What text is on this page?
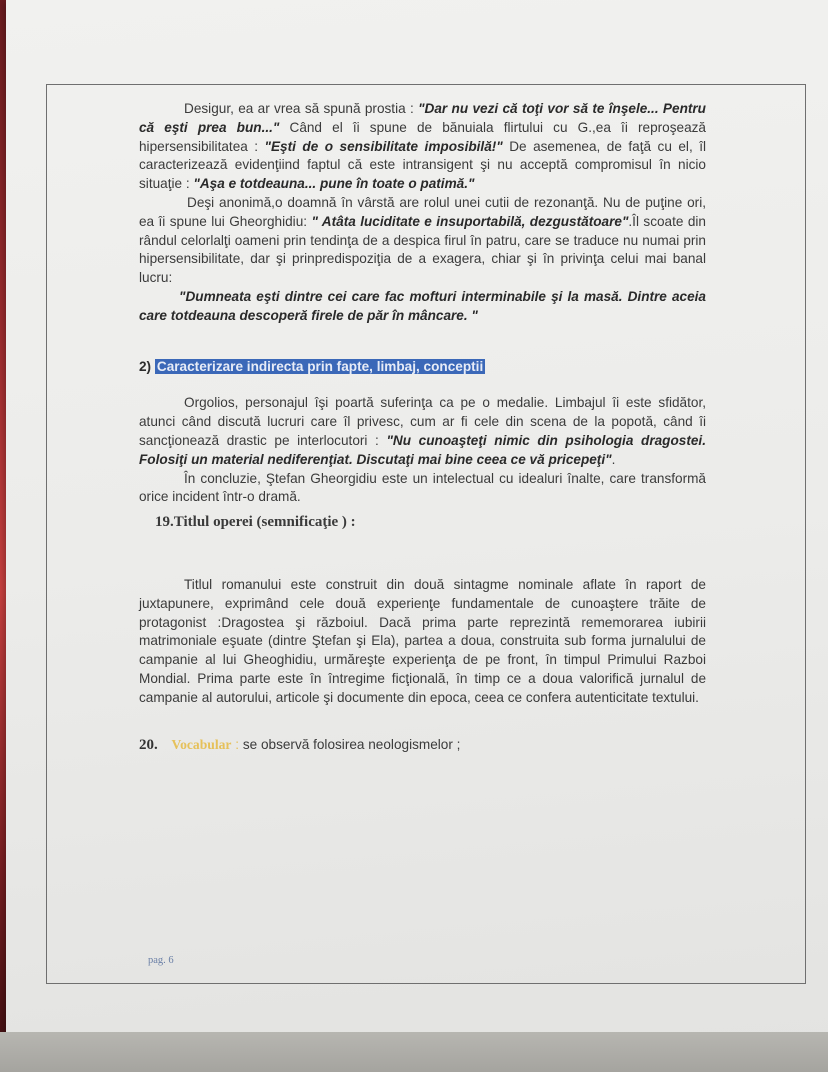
Desigur, ea ar vrea să spună prostia : "Dar nu vezi că toţi vor să te înşele... Pentru că eşti prea bun..." Când el îi spune de bănuiala flirtului cu G.,ea îi reproşează hipersensibilitatea : "Eşti de o sensibilitate imposibilă!" De asemenea, de faţă cu el, îl caracterizează evidenţiind faptul că este intransigent şi nu acceptă compromisul în nicio situaţie : "Aşa e totdeauna... pune în toate o patimă."

Deşi anonimă,o doamnă în vârstă are rolul unei cutii de rezonanţă. Nu de puţine ori, ea îi spune lui Gheorghidiu: " Atâta luciditate e insuportabilă, dezgustătoare".Îl scoate din rândul celorlalţi oameni prin tendinţa de a despica firul în patru, care se traduce nu numai prin hipersensibilitate, dar şi prinpredispoziţia de a exagera, chiar şi în privinţa celui mai banal lucru:

"Dumneata eşti dintre cei care fac mofturi interminabile şi la masă. Dintre aceia care totdeauna descoperă firele de păr în mâncare. "

2) Caracterizare indirecta prin fapte, limbaj, conceptii

Orgolios, personajul îşi poartă suferinţa ca pe o medalie. Limbajul îi este sfidător, atunci când discută lucruri care îl privesc, cum ar fi cele din scena de la popotă, când îi sancţionează drastic pe interlocutori : "Nu cunoaşteţi nimic din psihologia dragostei. Folosiţi un material nediferenţiat. Discutaţi mai bine ceea ce vă pricepeţi".

În concluzie, Ştefan Gheorgidiu este un intelectual cu idealuri înalte, care transformă orice incident într-o dramă.

19.Titlul operei (semnificaţie ) :

Titlul romanului este construit din două sintagme nominale aflate în raport de juxtapunere, exprimând cele două experienţe fundamentale de cunoaştere trăite de protagonist :Dragostea şi războiul. Dacă prima parte reprezintă rememorarea iubirii matrimoniale eşuate (dintre Ştefan şi Ela), partea a doua, construita sub forma jurnalului de campanie al lui Gheoghidiu, urmăreşte experienţa de pe front, în timpul Primului Razboi Mondial. Prima parte este în întregime ficţională, în timp ce a doua valorifică jurnalul de campanie al autorului, articole şi documente din epoca, ceea ce confera autenticitate textului.

20. Vocabular : se observă folosirea neologismelor ;
pag. 6
